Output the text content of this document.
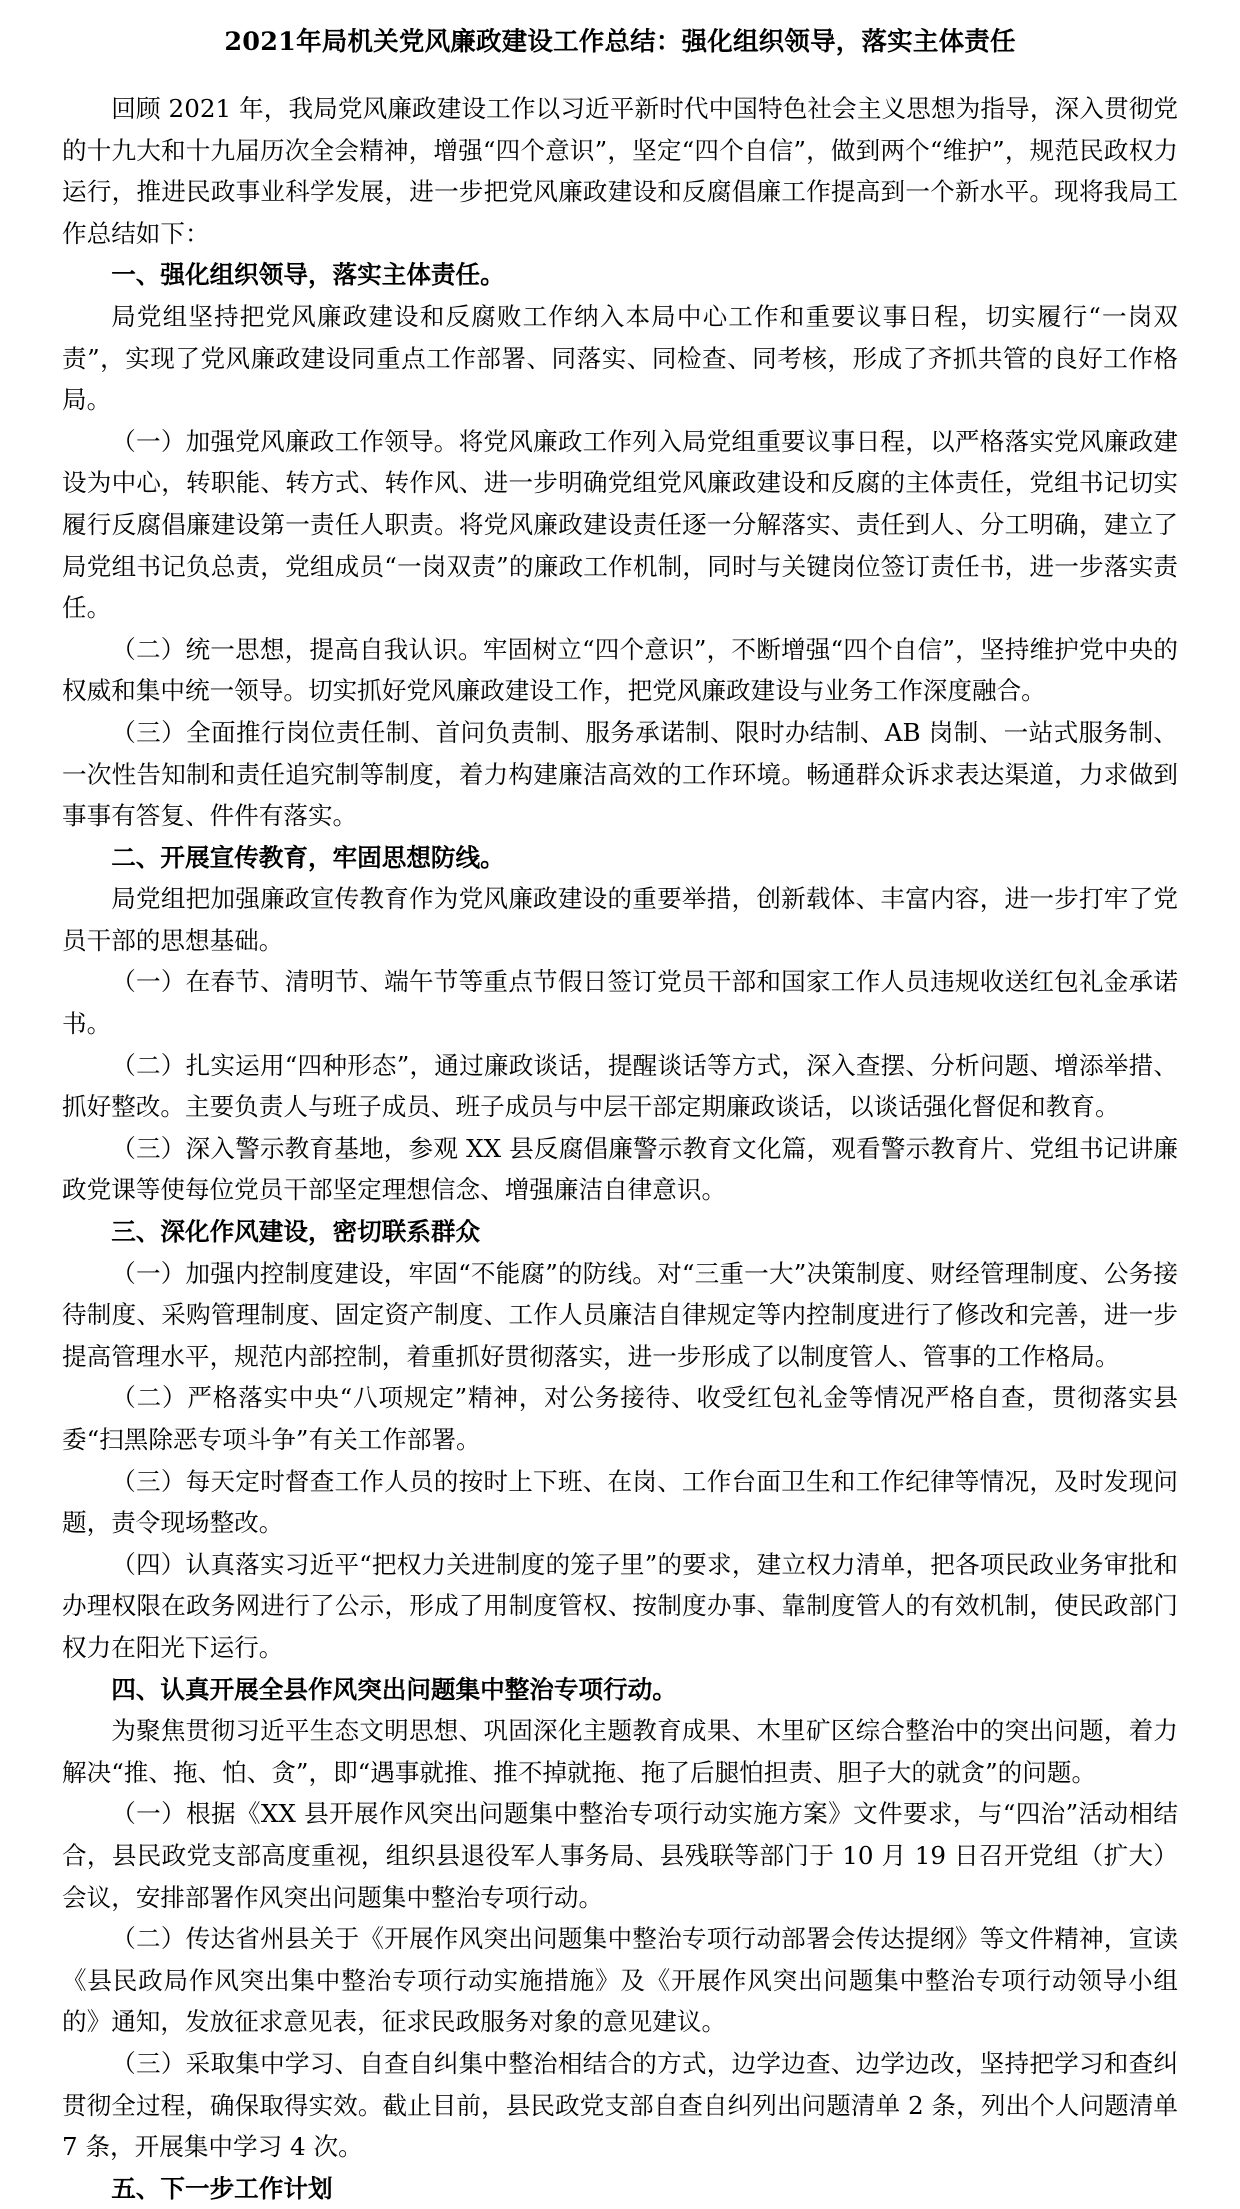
2021年局机关党风廉政建设工作总结：强化组织领导，落实主体责任

回顾 2021 年，我局党风廉政建设工作以习近平新时代中国特色社会主义思想为指导，深入贯彻党的十九大和十九届历次全会精神，增强“四个意识”，坚定“四个自信”，做到两个“维护”，规范民政权力运行，推进民政事业科学发展，进一步把党风廉政建设和反腐倡廉工作提高到一个新水平。现将我局工作总结如下：

一、强化组织领导，落实主体责任。

局党组坚持把党风廉政建设和反腐败工作纳入本局中心工作和重要议事日程，切实履行“一岗双责”，实现了党风廉政建设同重点工作部署、同落实、同检查、同考核，形成了齐抓共管的良好工作格局。

（一）加强党风廉政工作领导。将党风廉政工作列入局党组重要议事日程，以严格落实党风廉政建设为中心，转职能、转方式、转作风、进一步明确党组党风廉政建设和反腐的主体责任，党组书记切实履行反腐倡廉建设第一责任人职责。将党风廉政建设责任逐一分解落实、责任到人、分工明确，建立了局党组书记负总责，党组成员“一岗双责”的廉政工作机制，同时与关键岗位签订责任书，进一步落实责任。

（二）统一思想，提高自我认识。牢固树立“四个意识”，不断增强“四个自信”，坚持维护党中央的权威和集中统一领导。切实抓好党风廉政建设工作，把党风廉政建设与业务工作深度融合。

（三）全面推行岗位责任制、首问负责制、服务承诺制、限时办结制、AB 岗制、一站式服务制、一次性告知制和责任追究制等制度，着力构建廉洁高效的工作环境。畅通群众诉求表达渠道，力求做到事事有答复、件件有落实。

二、开展宣传教育，牢固思想防线。

局党组把加强廉政宣传教育作为党风廉政建设的重要举措，创新载体、丰富内容，进一步打牢了党员干部的思想基础。

（一）在春节、清明节、端午节等重点节假日签订党员干部和国家工作人员违规收送红包礼金承诺书。

（二）扎实运用“四种形态”，通过廉政谈话，提醒谈话等方式，深入查摆、分析问题、增添举措、抓好整改。主要负责人与班子成员、班子成员与中层干部定期廉政谈话，以谈话强化督促和教育。

（三）深入警示教育基地，参观 XX 县反腐倡廉警示教育文化篇，观看警示教育片、党组书记讲廉政党课等使每位党员干部坚定理想信念、增强廉洁自律意识。

三、深化作风建设，密切联系群众

（一）加强内控制度建设，牢固“不能腐”的防线。对“三重一大”决策制度、财经管理制度、公务接待制度、采购管理制度、固定资产制度、工作人员廉洁自律规定等内控制度进行了修改和完善，进一步提高管理水平，规范内部控制，着重抓好贯彻落实，进一步形成了以制度管人、管事的工作格局。

（二）严格落实中央“八项规定”精神，对公务接待、收受红包礼金等情况严格自查，贯彻落实县委“扫黑除恶专项斗争”有关工作部署。

（三）每天定时督查工作人员的按时上下班、在岗、工作台面卫生和工作纪律等情况，及时发现问题，责令现场整改。

（四）认真落实习近平“把权力关进制度的笼子里”的要求，建立权力清单，把各项民政业务审批和办理权限在政务网进行了公示，形成了用制度管权、按制度办事、靠制度管人的有效机制，使民政部门权力在阳光下运行。

四、认真开展全县作风突出问题集中整治专项行动。

为聚焦贯彻习近平生态文明思想、巩固深化主题教育成果、木里矿区综合整治中的突出问题，着力解决“推、拖、怕、贪”，即“遇事就推、推不掉就拖、拖了后腿怕担责、胆子大的就贪”的问题。

（一）根据《XX 县开展作风突出问题集中整治专项行动实施方案》文件要求，与“四治”活动相结合，县民政党支部高度重视，组织县退役军人事务局、县残联等部门于 10 月 19 日召开党组（扩大）会议，安排部署作风突出问题集中整治专项行动。

（二）传达省州县关于《开展作风突出问题集中整治专项行动部署会传达提纲》等文件精神，宣读《县民政局作风突出集中整治专项行动实施措施》及《开展作风突出问题集中整治专项行动领导小组的》通知，发放征求意见表，征求民政服务对象的意见建议。

（三）采取集中学习、自查自纠集中整治相结合的方式，边学边查、边学边改，坚持把学习和查纠贯彻全过程，确保取得实效。截止目前，县民政党支部自查自纠列出问题清单 2 条，列出个人问题清单 7 条，开展集中学习 4 次。

五、下一步工作计划
